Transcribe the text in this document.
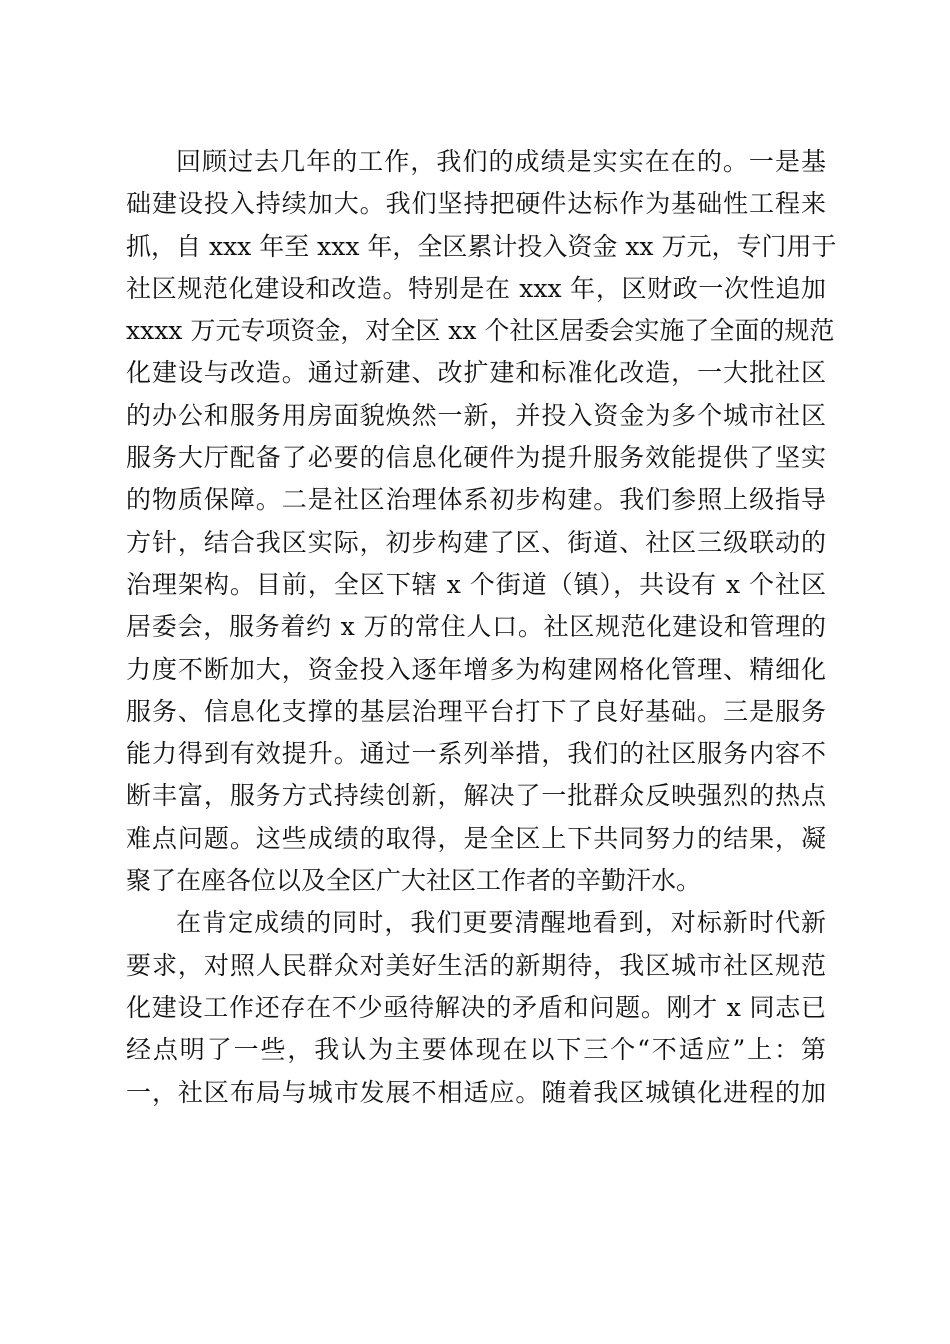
回顾过去几年的工作，我们的成绩是实实在在的。一是基
础建设投入持续加大。我们坚持把硬件达标作为基础性工程来
抓，自 xxx 年至 xxx 年，全区累计投入资金 xx 万元，专门用于
社区规范化建设和改造。特别是在 xxx 年，区财政一次性追加
xxxx 万元专项资金，对全区 xx 个社区居委会实施了全面的规范
化建设与改造。通过新建、改扩建和标准化改造，一大批社区
的办公和服务用房面貌焕然一新，并投入资金为多个城市社区
服务大厅配备了必要的信息化硬件为提升服务效能提供了坚实
的物质保障。二是社区治理体系初步构建。我们参照上级指导
方针，结合我区实际，初步构建了区、街道、社区三级联动的
治理架构。目前，全区下辖 x 个街道（镇），共设有 x 个社区
居委会，服务着约 x 万的常住人口。社区规范化建设和管理的
力度不断加大，资金投入逐年增多为构建网格化管理、精细化
服务、信息化支撑的基层治理平台打下了良好基础。三是服务
能力得到有效提升。通过一系列举措，我们的社区服务内容不
断丰富，服务方式持续创新，解决了一批群众反映强烈的热点
难点问题。这些成绩的取得，是全区上下共同努力的结果，凝
聚了在座各位以及全区广大社区工作者的辛勤汗水。
在肯定成绩的同时，我们更要清醒地看到，对标新时代新
要求，对照人民群众对美好生活的新期待，我区城市社区规范
化建设工作还存在不少亟待解决的矛盾和问题。刚才 x 同志已
经点明了一些，我认为主要体现在以下三个“不适应”上：第
一，社区布局与城市发展不相适应。随着我区城镇化进程的加
